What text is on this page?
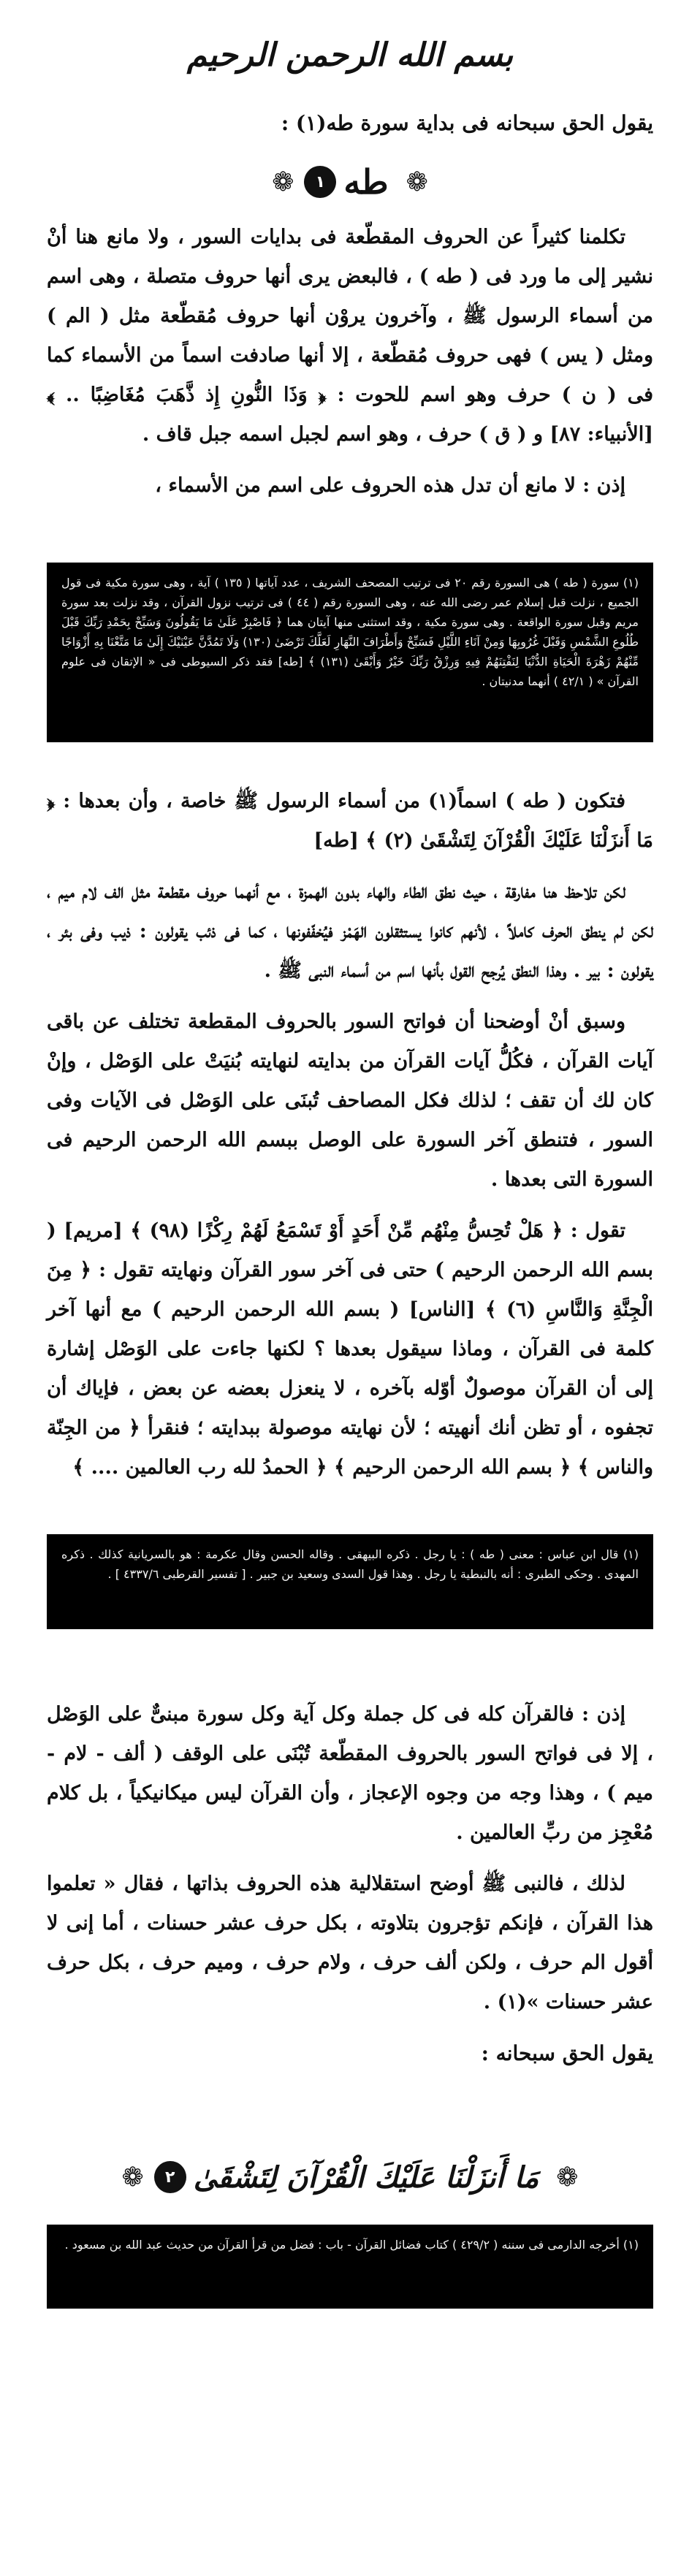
بسم الله الرحمن الرحيم

يقول الحق سبحانه فى بداية سورة طه(١) :

❁
طه
١
❁

تكلمنا كثيراً عن الحروف المقطّعة فى بدايات السور ، ولا مانع هنا أنْ نشير إلى ما ورد فى ( طه ) ، فالبعض يرى أنها حروف متصلة ، وهى اسم من أسماء الرسول ﷺ ، وآخرون يروْن أنها حروف مُقطّعة مثل ( الم ) ومثل ( يس ) فهى حروف مُقطّعة ، إلا أنها صادفت اسماً من الأسماء كما فى ( ن ) حرف وهو اسم للحوت : ﴿ وَذَا النُّونِ إِذ ذَّهَبَ مُغَاضِبًا .. ﴾ [الأنبياء: ٨٧] و ( ق ) حرف ، وهو اسم لجبل اسمه جبل قاف .

إذن : لا مانع أن تدل هذه الحروف على اسم من الأسماء ،

(١) سورة ( طه ) هى السورة رقم ٢٠ فى ترتيب المصحف الشريف ، عدد آياتها ( ١٣٥ ) آية ، وهى سورة مكية فى قول الجميع ، نزلت قبل إسلام عمر رضى الله عنه ، وهى السورة رقم ( ٤٤ ) فى ترتيب نزول القرآن ، وقد نزلت بعد سورة مريم وقبل سورة الواقعة . وهى سورة مكية ، وقد استثنى منها آيتان هما ﴿ فَاصْبِرْ عَلَىٰ مَا يَقُولُونَ وَسَبِّحْ بِحَمْدِ رَبِّكَ قَبْلَ طُلُوعِ الشَّمْسِ وَقَبْلَ غُرُوبِهَا وَمِنْ آنَاءِ اللَّيْلِ فَسَبِّحْ وَأَطْرَافَ النَّهَارِ لَعَلَّكَ تَرْضَىٰ (١٣٠) وَلَا تَمُدَّنَّ عَيْنَيْكَ إِلَىٰ مَا مَتَّعْنَا بِهِ أَزْوَاجًا مِّنْهُمْ زَهْرَةَ الْحَيَاةِ الدُّنْيَا لِنَفْتِنَهُمْ فِيهِ وَرِزْقُ رَبِّكَ خَيْرٌ وَأَبْقَىٰ (١٣١) ﴾ [طه] فقد ذكر السيوطى فى « الإتقان فى علوم القرآن » ( ٤٢/١ ) أنهما مدنيتان .

فتكون ( طه ) اسماً(١) من أسماء الرسول ﷺ خاصة ، وأن بعدها : ﴿ مَا أَنزَلْنَا عَلَيْكَ الْقُرْآنَ لِتَشْقَىٰ (٢) ﴾ [طه]

لكن تلاحظ هنا مفارقة ، حيث نطق الطاء والهاء بدون الهمزة ، مع أنهما حروف مقطعة مثل الف لام ميم ، لكن لم ينطق الحرف كاملاً ، لأنهم كانوا يستثقلون الهَمْز فيُخفّفونها ، كما فى ذئب يقولون : ذيب وفى بئر ، يقولون : بير . وهذا النطق يُرجح القول بأنها اسم من أسماء النبى ﷺ .

وسبق أنْ أوضحنا أن فواتح السور بالحروف المقطعة تختلف عن باقى آيات القرآن ، فكُلُّ آيات القرآن من بدايته لنهايته بُنيَتْ على الوَصْل ، وإنْ كان لك أن تقف ؛ لذلك فكل المصاحف تُبنَى على الوَصْل فى الآيات وفى السور ، فتنطق آخر السورة على الوصل ببسم الله الرحمن الرحيم فى السورة التى بعدها .

تقول : ﴿ هَلْ تُحِسُّ مِنْهُم مِّنْ أَحَدٍ أَوْ تَسْمَعُ لَهُمْ رِكْزًا (٩٨) ﴾ [مريم] ( بسم الله الرحمن الرحيم ) حتى فى آخر سور القرآن ونهايته تقول : ﴿ مِنَ الْجِنَّةِ وَالنَّاسِ (٦) ﴾ [الناس] ( بسم الله الرحمن الرحيم ) مع أنها آخر كلمة فى القرآن ، وماذا سيقول بعدها ؟ لكنها جاءت على الوَصْل إشارة إلى أن القرآن موصولٌ أوّله بآخره ، لا ينعزل بعضه عن بعض ، فإياك أن تجفوه ، أو تظن أنك أنهيته ؛ لأن نهايته موصولة ببدايته ؛ فنقرأ ﴿ من الجِنّة والناس ﴾ ﴿ بسم الله الرحمن الرحيم ﴾ ﴿ الحمدُ لله رب العالمين .... ﴾

(١) قال ابن عباس : معنى ( طه ) : يا رجل . ذكره البيهقى . وقاله الحسن وقال عكرمة : هو بالسريانية كذلك . ذكره المهدى . وحكى الطبرى : أنه بالنبطية يا رجل . وهذا قول السدى وسعيد بن جبير . [ تفسير القرطبى ٤٣٣٧/٦ ] .

إذن : فالقرآن كله فى كل جملة وكل آية وكل سورة مبنىٌّ على الوَصْل ، إلا فى فواتح السور بالحروف المقطّعة تُبْنَى على الوقف ( ألف - لام - ميم ) ، وهذا وجه من وجوه الإعجاز ، وأن القرآن ليس ميكانيكياً ، بل كلام مُعْجِز من ربِّ العالمين .

لذلك ، فالنبى ﷺ أوضح استقلالية هذه الحروف بذاتها ، فقال « تعلموا هذا القرآن ، فإنكم تؤجرون بتلاوته ، بكل حرف عشر حسنات ، أما إنى لا أقول الم حرف ، ولكن ألف حرف ، ولام حرف ، وميم حرف ، بكل حرف عشر حسنات »(١) .

يقول الحق سبحانه :

❁
مَا أَنزَلْنَا عَلَيْكَ الْقُرْآنَ لِتَشْقَىٰ
٢
❁

(١) أخرجه الدارمى فى سننه ( ٤٢٩/٢ ) كتاب فضائل القرآن - باب : فضل من قرأ القرآن من حديث عبد الله بن مسعود .
